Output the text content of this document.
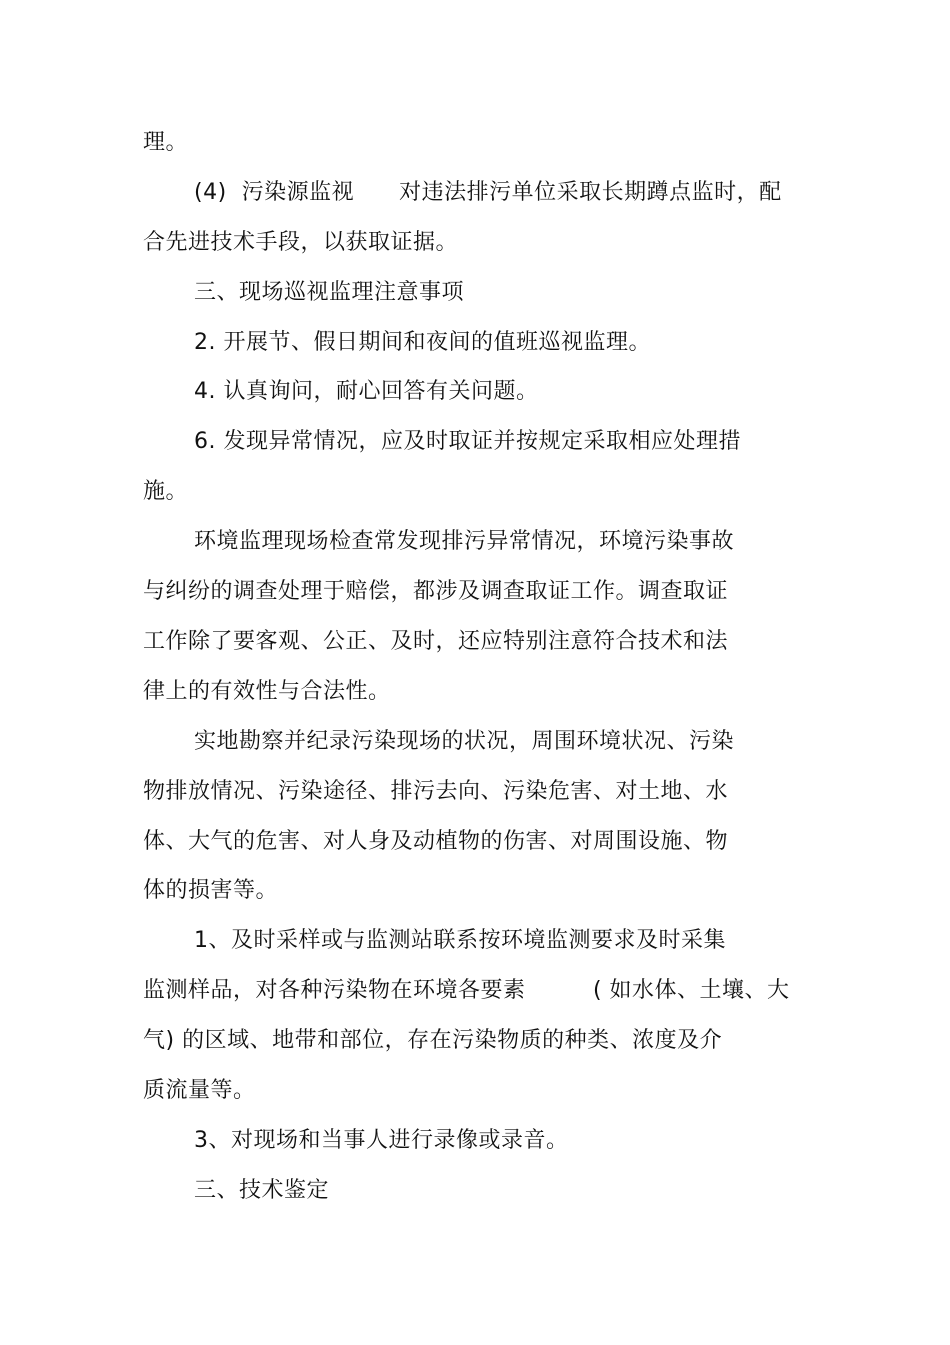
理。
(4)  污染源监视      对违法排污单位采取长期蹲点监时，配
合先进技术手段，以获取证据。
三、现场巡视监理注意事项
2. 开展节、假日期间和夜间的值班巡视监理。
4. 认真询问，耐心回答有关问题。
6. 发现异常情况，应及时取证并按规定采取相应处理措
施。
环境监理现场检查常发现排污异常情况，环境污染事故
与纠纷的调查处理于赔偿，都涉及调查取证工作。调查取证
工作除了要客观、公正、及时，还应特别注意符合技术和法
律上的有效性与合法性。
实地勘察并纪录污染现场的状况，周围环境状况、污染
物排放情况、污染途径、排污去向、污染危害、对土地、水
体、大气的危害、对人身及动植物的伤害、对周围设施、物
体的损害等。
1、及时采样或与监测站联系按环境监测要求及时采集
监测样品，对各种污染物在环境各要素         ( 如水体、土壤、大
气) 的区域、地带和部位，存在污染物质的种类、浓度及介
质流量等。
3、对现场和当事人进行录像或录音。
三、技术鉴定
